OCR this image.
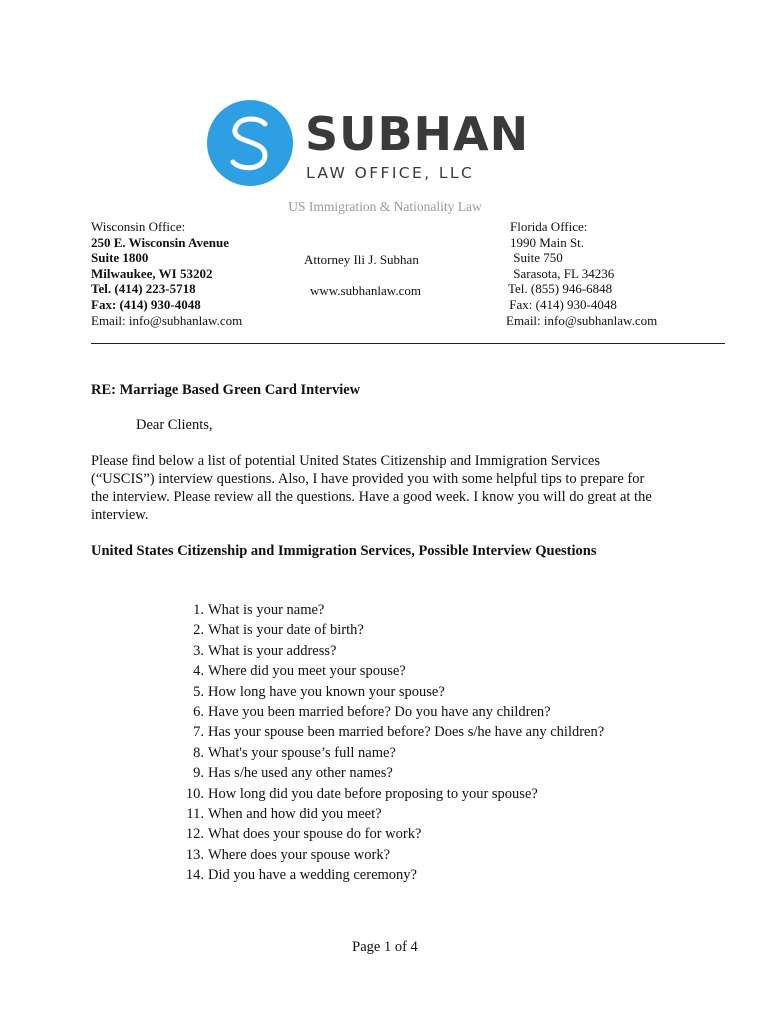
SUBHAN
LAW OFFICE, LLC
US Immigration & Nationality Law
Wisconsin Office:
250 E. Wisconsin Avenue
Suite 1800
Milwaukee, WI 53202
Tel. (414) 223-5718
Fax: (414) 930-4048
Email: info@subhanlaw.com
Attorney Ili J. Subhan
www.subhanlaw.com
Florida Office:
1990 Main St.
Suite 750
Sarasota, FL 34236
Tel. (855) 946-6848
Fax: (414) 930-4048
Email: info@subhanlaw.com
RE: Marriage Based Green Card Interview
Dear Clients,
Please find below a list of potential United States Citizenship and Immigration Services
(“USCIS”) interview questions. Also, I have provided you with some helpful tips to prepare for
the interview. Please review all the questions. Have a good week. I know you will do great at the
interview.
United States Citizenship and Immigration Services, Possible Interview Questions
1. What is your name?
2. What is your date of birth?
3. What is your address?
4. Where did you meet your spouse?
5. How long have you known your spouse?
6. Have you been married before? Do you have any children?
7. Has your spouse been married before? Does s/he have any children?
8. What's your spouse’s full name?
9. Has s/he used any other names?
10. How long did you date before proposing to your spouse?
11. When and how did you meet?
12. What does your spouse do for work?
13. Where does your spouse work?
14. Did you have a wedding ceremony?
Page 1 of 4
